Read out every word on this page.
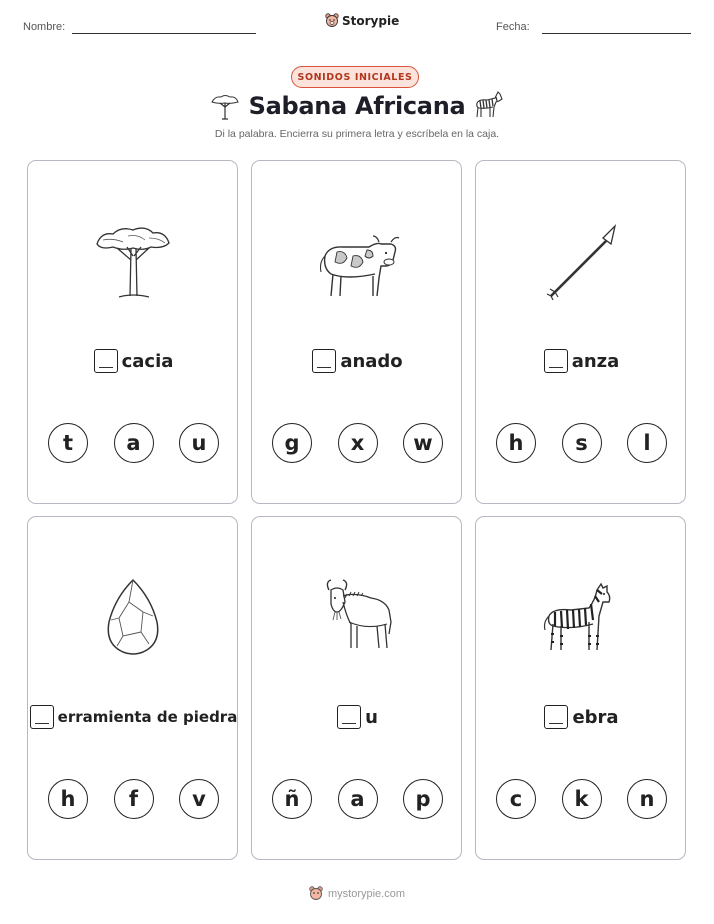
Nombre:	Storypie	Fecha:
SONIDOS INICIALES
Sabana Africana
Di la palabra. Encierra su primera letra y escríbela en la caja.
cacia
t	a	u
anado
g	x	w
anza
h	s	l
erramienta de piedra
h	f	v
u
ñ	a	p
ebra
c	k	n
mystorypie.com
